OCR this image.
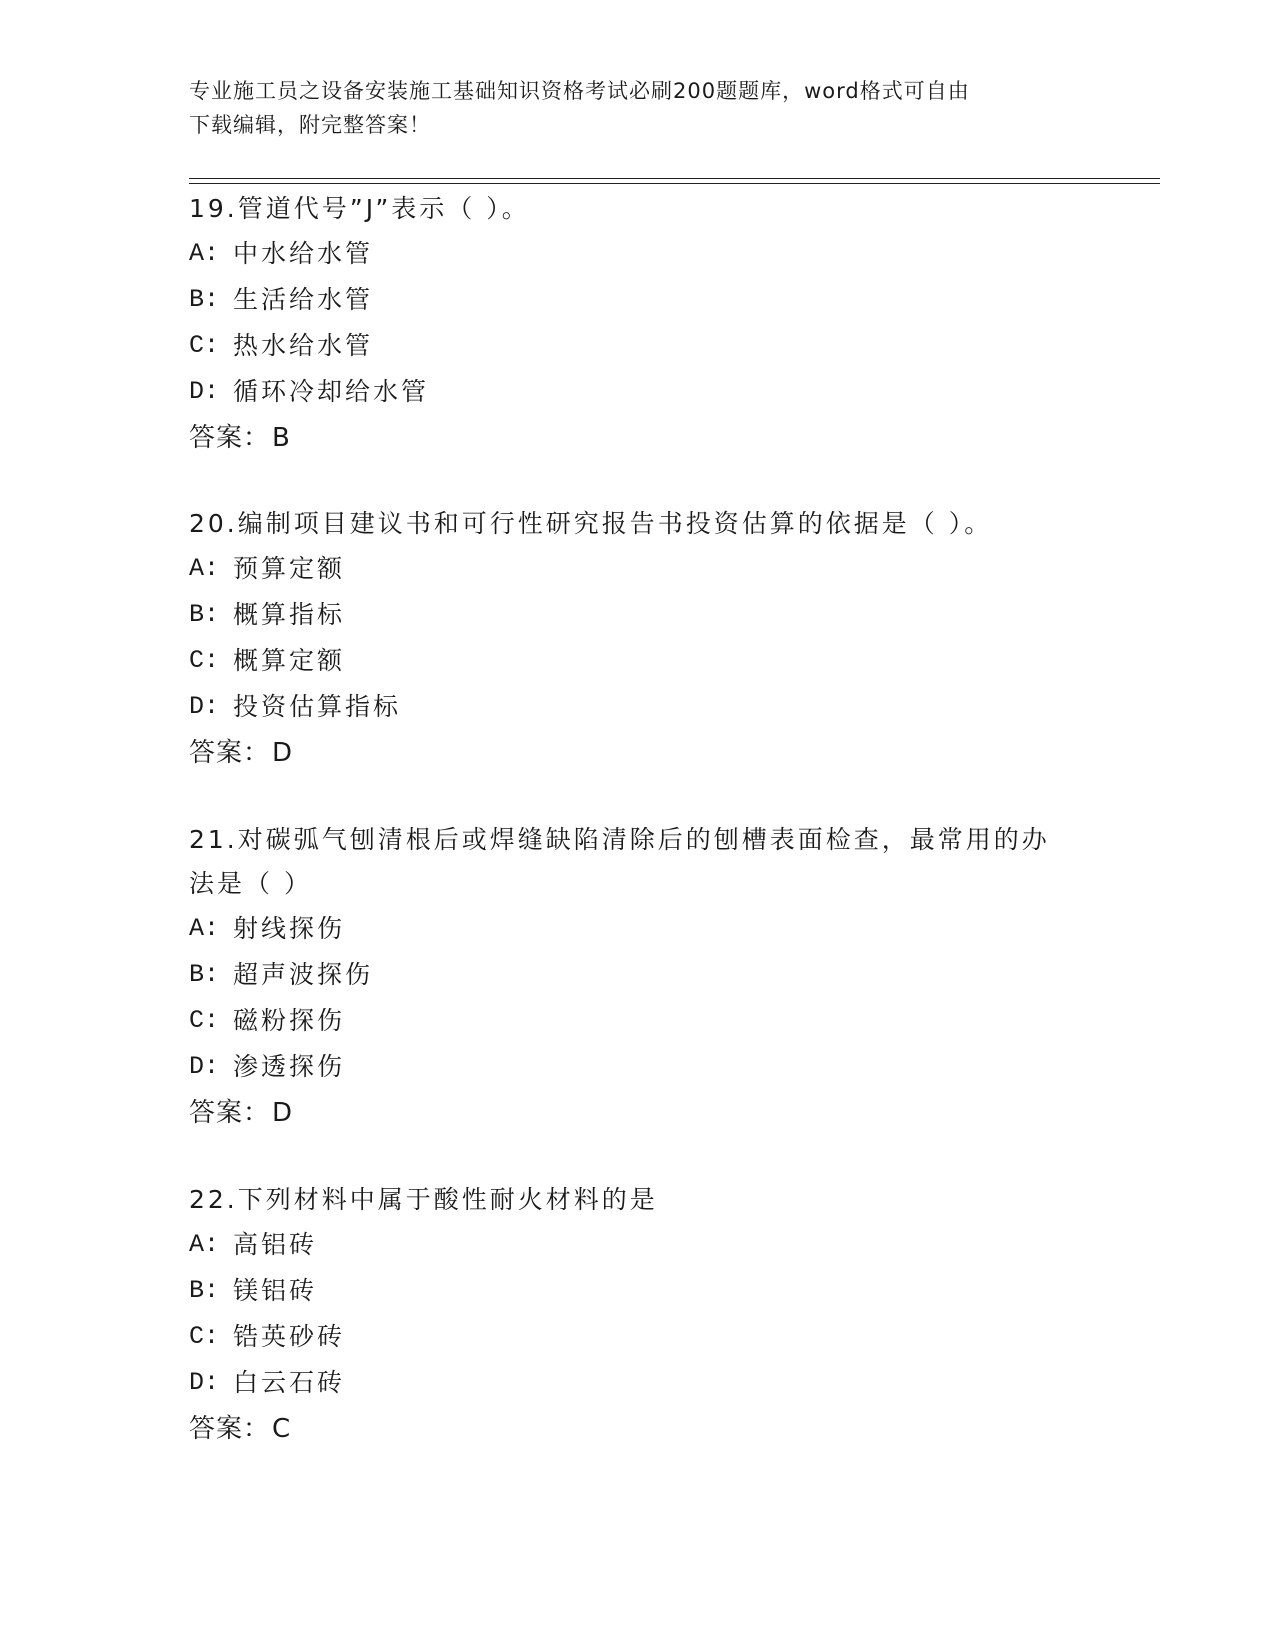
专业施工员之设备安装施工基础知识资格考试必刷200题题库，word格式可自由
下载编辑，附完整答案！
19.管道代号”J”表示（ ）。
A: 中水给水管
B: 生活给水管
C: 热水给水管
D: 循环冷却给水管
答案：B
20.编制项目建议书和可行性研究报告书投资估算的依据是（ ）。
A: 预算定额
B: 概算指标
C: 概算定额
D: 投资估算指标
答案：D
21.对碳弧气刨清根后或焊缝缺陷清除后的刨槽表面检查，最常用的办
法是（ ）
A: 射线探伤
B: 超声波探伤
C: 磁粉探伤
D: 渗透探伤
答案：D
22.下列材料中属于酸性耐火材料的是
A: 高铝砖
B: 镁铝砖
C: 锆英砂砖
D: 白云石砖
答案：C
